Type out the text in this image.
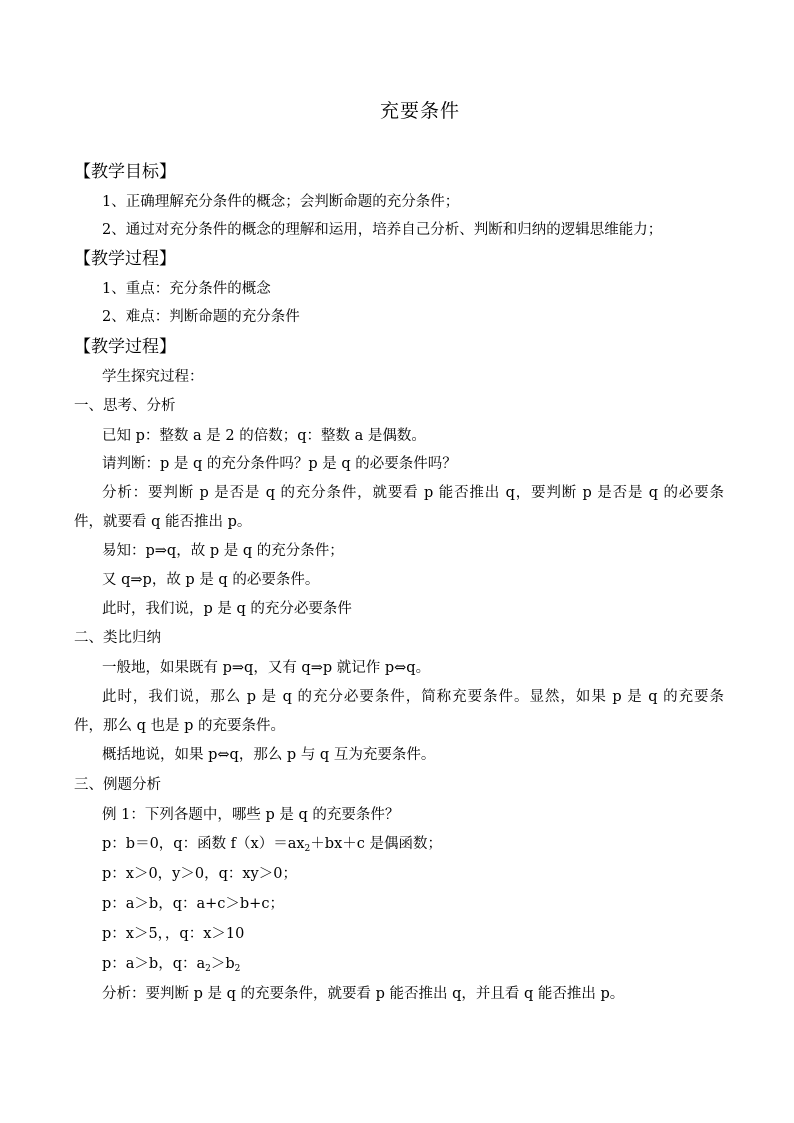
充要条件
【教学目标】
1、正确理解充分条件的概念；会判断命题的充分条件；
2、通过对充分条件的概念的理解和运用，培养自己分析、判断和归纳的逻辑思维能力；
【教学过程】
1、重点：充分条件的概念
2、难点：判断命题的充分条件
【教学过程】
学生探究过程：
一、思考、分析
已知 p：整数 a 是 2 的倍数；q：整数 a 是偶数。
请判断：p 是 q 的充分条件吗？p 是 q 的必要条件吗？
分析：要判断 p 是否是 q 的充分条件，就要看 p 能否推出 q，要判断 p 是否是 q 的必要条
件，就要看 q 能否推出 p。
易知：p⇒q，故 p 是 q 的充分条件；
又 q⇒p，故 p 是 q 的必要条件。
此时，我们说，p 是 q 的充分必要条件
二、类比归纳
一般地，如果既有 p⇒q，又有 q⇒p 就记作 p⇔q。
此时，我们说，那么 p 是 q 的充分必要条件，简称充要条件。显然，如果 p 是 q 的充要条
件，那么 q 也是 p 的充要条件。
概括地说，如果 p⇔q，那么 p 与 q 互为充要条件。
三、例题分析
例 1：下列各题中，哪些 p 是 q 的充要条件？
p：b＝0，q：函数 $f(x)=ax_2+bx+c$ 是偶函数；
p：x＞0，y＞0，q：xy＞0；
p：a＞b，q：a+c＞b+c；
p：x＞5，，q：x＞10
p：a＞b，q：$a_2>b_2$
分析：要判断 p 是 q 的充要条件，就要看 p 能否推出 q，并且看 q 能否推出 p。
